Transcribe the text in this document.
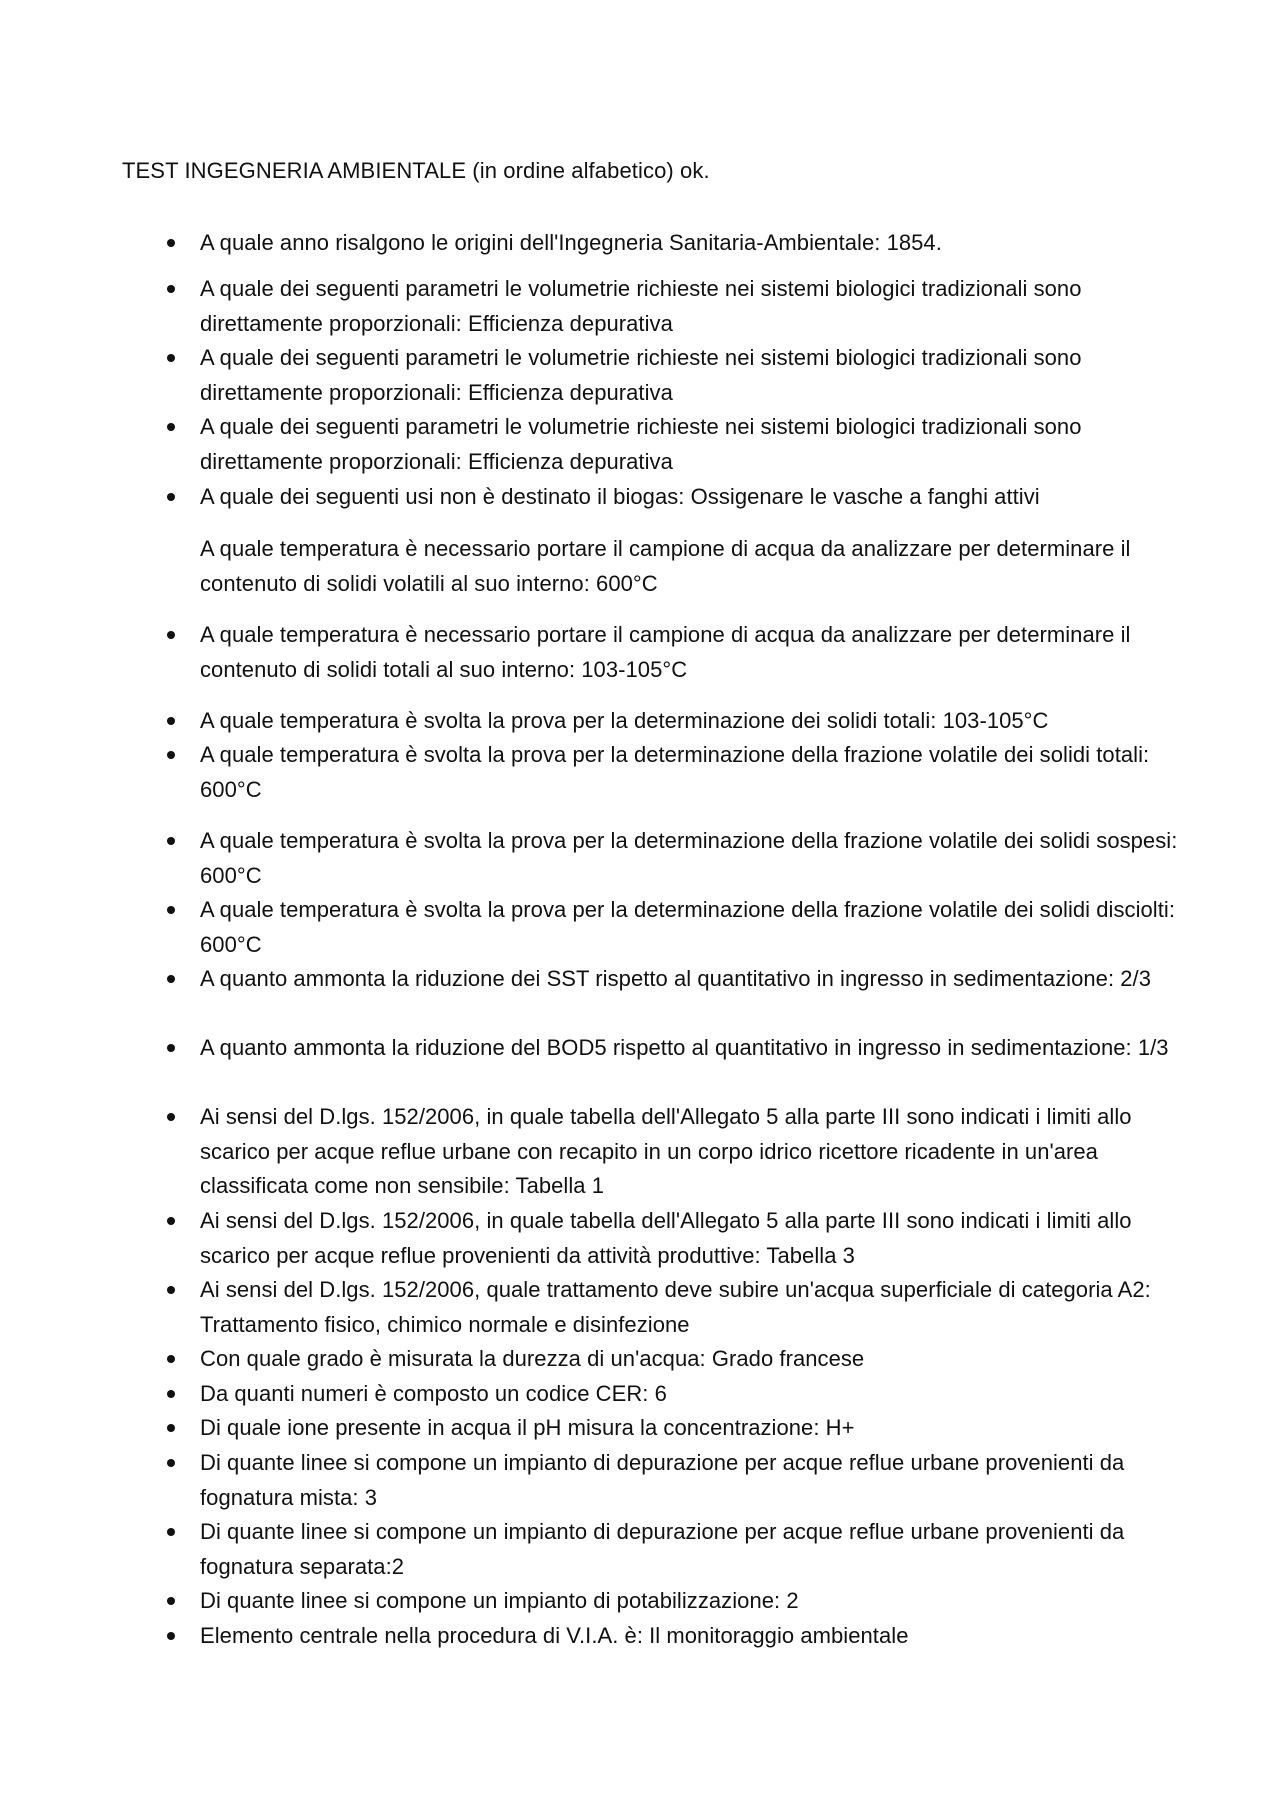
TEST INGEGNERIA AMBIENTALE (in ordine alfabetico) ok.
A quale anno risalgono le origini dell'Ingegneria Sanitaria-Ambientale: 1854.
A quale dei seguenti parametri le volumetrie richieste nei sistemi biologici tradizionali sono direttamente proporzionali: Efficienza depurativa
A quale dei seguenti parametri le volumetrie richieste nei sistemi biologici tradizionali sono direttamente proporzionali: Efficienza depurativa
A quale dei seguenti parametri le volumetrie richieste nei sistemi biologici tradizionali sono direttamente proporzionali: Efficienza depurativa
A quale dei seguenti usi non è destinato il biogas: Ossigenare le vasche a fanghi attivi
A quale temperatura è necessario portare il campione di acqua da analizzare per determinare il contenuto di solidi volatili al suo interno: 600°C
A quale temperatura è necessario portare il campione di acqua da analizzare per determinare il contenuto di solidi totali al suo interno: 103-105°C
A quale temperatura è svolta la prova per la determinazione dei solidi totali: 103-105°C
A quale temperatura è svolta la prova per la determinazione della frazione volatile dei solidi totali: 600°C
A quale temperatura è svolta la prova per la determinazione della frazione volatile dei solidi sospesi: 600°C
A quale temperatura è svolta la prova per la determinazione della frazione volatile dei solidi disciolti: 600°C
A quanto ammonta la riduzione dei SST rispetto al quantitativo in ingresso in sedimentazione: 2/3
A quanto ammonta la riduzione del BOD5 rispetto al quantitativo in ingresso in sedimentazione: 1/3
Ai sensi del D.lgs. 152/2006, in quale tabella dell'Allegato 5 alla parte III sono indicati i limiti allo scarico per acque reflue urbane con recapito in un corpo idrico ricettore ricadente in un'area classificata come non sensibile: Tabella 1
Ai sensi del D.lgs. 152/2006, in quale tabella dell'Allegato 5 alla parte III sono indicati i limiti allo scarico per acque reflue provenienti da attività produttive: Tabella 3
Ai sensi del D.lgs. 152/2006, quale trattamento deve subire un'acqua superficiale di categoria A2: Trattamento fisico, chimico normale e disinfezione
Con quale grado è misurata la durezza di un'acqua: Grado francese
Da quanti numeri è composto un codice CER: 6
Di quale ione presente in acqua il pH misura la concentrazione: H+
Di quante linee si compone un impianto di depurazione per acque reflue urbane provenienti da fognatura mista: 3
Di quante linee si compone un impianto di depurazione per acque reflue urbane provenienti da fognatura separata:2
Di quante linee si compone un impianto di potabilizzazione: 2
Elemento centrale nella procedura di V.I.A. è: Il monitoraggio ambientale
